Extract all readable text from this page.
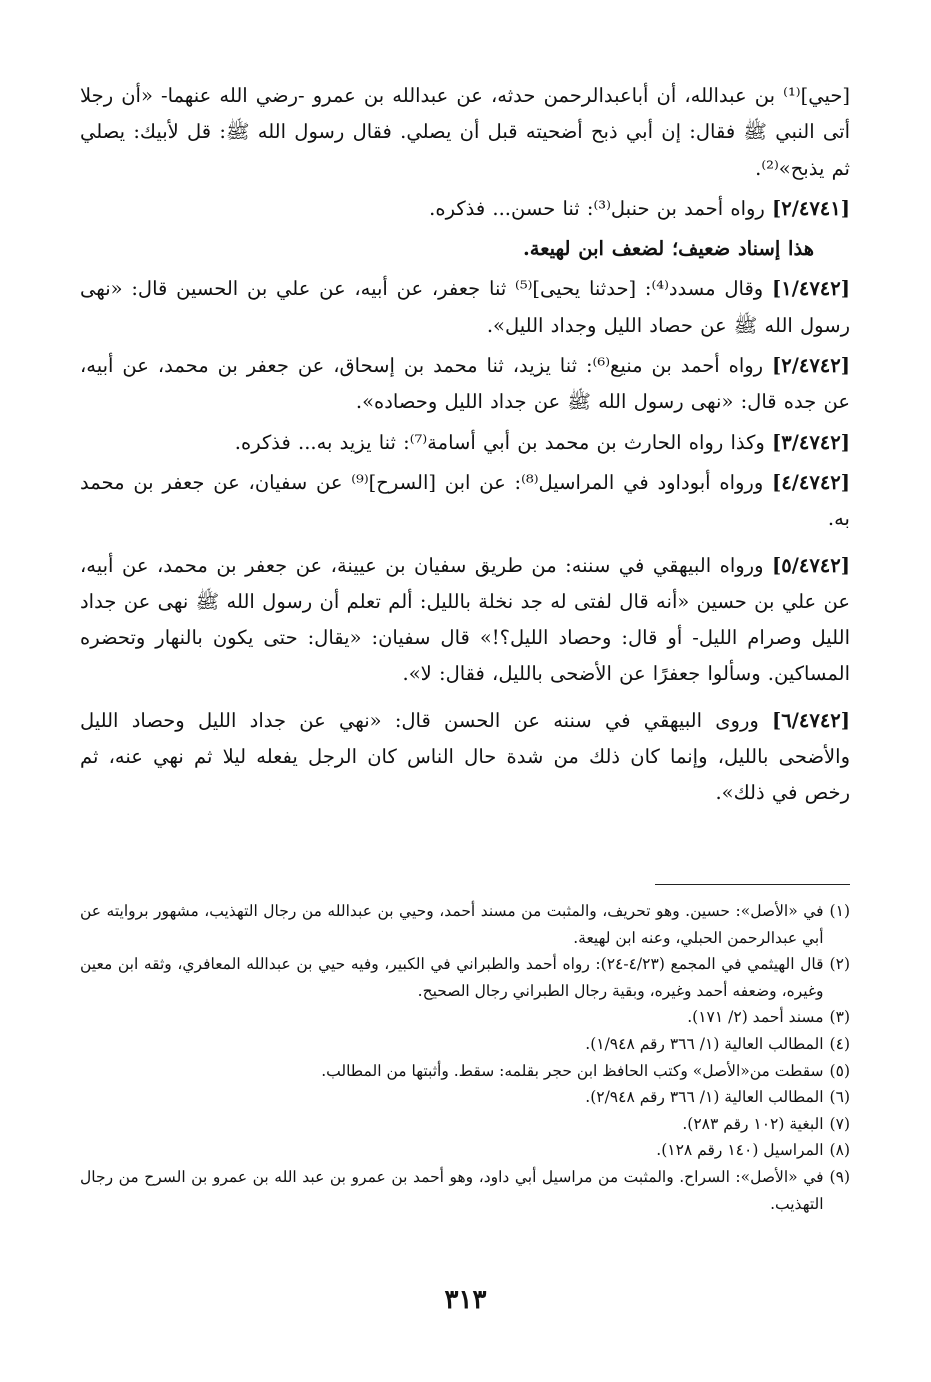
[حيي]⁽¹⁾ بن عبدالله، أن أباعبدالرحمن حدثه، عن عبدالله بن عمرو -رضي الله عنهما- «أن رجلا أتى النبي ﷺ فقال: إن أبي ذبح أضحيته قبل أن يصلي. فقال رسول الله ﷺ: قل لأبيك: يصلي ثم يذبح»⁽²⁾.

[٢/٤٧٤١] رواه أحمد بن حنبل⁽³⁾: ثنا حسن... فذكره.

هذا إسناد ضعيف؛ لضعف ابن لهيعة.

[١/٤٧٤٢] وقال مسدد⁽⁴⁾: [حدثنا يحيى]⁽⁵⁾ ثنا جعفر، عن أبيه، عن علي بن الحسين قال: «نهى رسول الله ﷺ عن حصاد الليل وجداد الليل».

[٢/٤٧٤٢] رواه أحمد بن منيع⁽⁶⁾: ثنا يزيد، ثنا محمد بن إسحاق، عن جعفر بن محمد، عن أبيه، عن جده قال: «نهى رسول الله ﷺ عن جداد الليل وحصاده».

[٣/٤٧٤٢] وكذا رواه الحارث بن محمد بن أبي أسامة⁽⁷⁾: ثنا يزيد به... فذكره.

[٤/٤٧٤٢] ورواه أبوداود في المراسيل⁽⁸⁾: عن ابن [السرح]⁽⁹⁾ عن سفيان، عن جعفر بن محمد به.

[٥/٤٧٤٢] ورواه البيهقي في سننه: من طريق سفيان بن عيينة، عن جعفر بن محمد، عن أبيه، عن علي بن حسين «أنه قال لفتى له جد نخلة بالليل: ألم تعلم أن رسول الله ﷺ نهى عن جداد الليل وصرام الليل- أو قال: وحصاد الليل؟!» قال سفيان: «يقال: حتى يكون بالنهار وتحضره المساكين. وسألوا جعفرًا عن الأضحى بالليل، فقال: لا».

[٦/٤٧٤٢] وروى البيهقي في سننه عن الحسن قال: «نهي عن جداد الليل وحصاد الليل والأضحى بالليل، وإنما كان ذلك من شدة حال الناس كان الرجل يفعله ليلا ثم نهي عنه، ثم رخص في ذلك».

(١)
في «الأصل»: حسين. وهو تحريف، والمثبت من مسند أحمد، وحيي بن عبدالله من رجال التهذيب، مشهور بروايته عن أبي عبدالرحمن الحبلي، وعنه ابن لهيعة.
(٢)
قال الهيثمي في المجمع (٤/٢٣-٢٤): رواه أحمد والطبراني في الكبير، وفيه حيي بن عبدالله المعافري، وثقه ابن معين وغيره، وضعفه أحمد وغيره، وبقية رجال الطبراني رجال الصحيح.
(٣)
مسند أحمد (٢/ ١٧١).
(٤)
المطالب العالية (١/ ٣٦٦ رقم ١/٩٤٨).
(٥)
سقطت من«الأصل» وكتب الحافظ ابن حجر بقلمه: سقط. وأثبتها من المطالب.
(٦)
المطالب العالية (١/ ٣٦٦ رقم ٢/٩٤٨).
(٧)
البغية (١٠٢ رقم ٢٨٣).
(٨)
المراسيل (١٤٠ رقم ١٢٨).
(٩)
في «الأصل»: السراح. والمثبت من مراسيل أبي داود، وهو أحمد بن عمرو بن عبد الله بن عمرو بن السرح من رجال التهذيب.
٣١٣
